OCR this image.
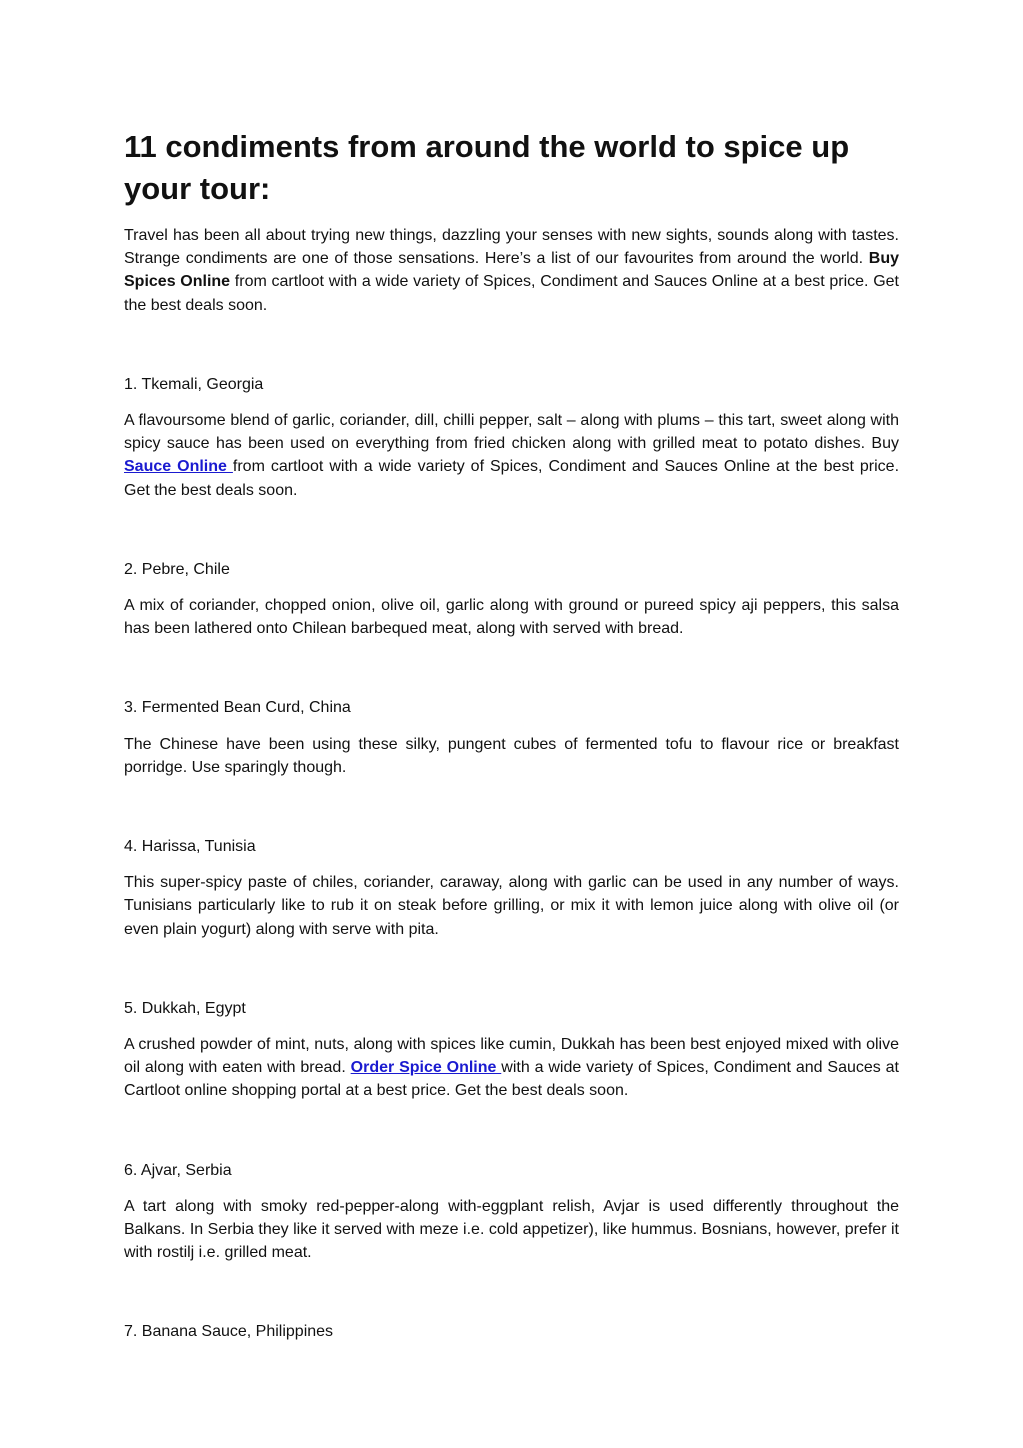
11 condiments from around the world to spice up your tour:

Travel has been all about trying new things, dazzling your senses with new sights, sounds along with tastes. Strange condiments are one of those sensations. Here’s a list of our favourites from around the world. Buy Spices Online from cartloot with a wide variety of Spices, Condiment and Sauces Online at a best price. Get the best deals soon.

1. Tkemali, Georgia

A flavoursome blend of garlic, coriander, dill, chilli pepper, salt – along with plums – this tart, sweet along with spicy sauce has been used on everything from fried chicken along with grilled meat to potato dishes. Buy Sauce Online from cartloot with a wide variety of Spices, Condiment and Sauces Online at the best price. Get the best deals soon.

2. Pebre, Chile

A mix of coriander, chopped onion, olive oil, garlic along with ground or pureed spicy aji peppers, this salsa has been lathered onto Chilean barbequed meat, along with served with bread.

3. Fermented Bean Curd, China

The Chinese have been using these silky, pungent cubes of fermented tofu to flavour rice or breakfast porridge. Use sparingly though.

4. Harissa, Tunisia

This super-spicy paste of chiles, coriander, caraway, along with garlic can be used in any number of ways. Tunisians particularly like to rub it on steak before grilling, or mix it with lemon juice along with olive oil (or even plain yogurt) along with serve with pita.

5. Dukkah, Egypt

A crushed powder of mint, nuts, along with spices like cumin, Dukkah has been best enjoyed mixed with olive oil along with eaten with bread. Order Spice Online with a wide variety of Spices, Condiment and Sauces at Cartloot online shopping portal at a best price. Get the best deals soon.

6. Ajvar, Serbia

A tart along with smoky red-pepper-along with-eggplant relish, Avjar is used differently throughout the Balkans. In Serbia they like it served with meze i.e. cold appetizer), like hummus. Bosnians, however, prefer it with rostilj i.e. grilled meat.

7. Banana Sauce, Philippines
